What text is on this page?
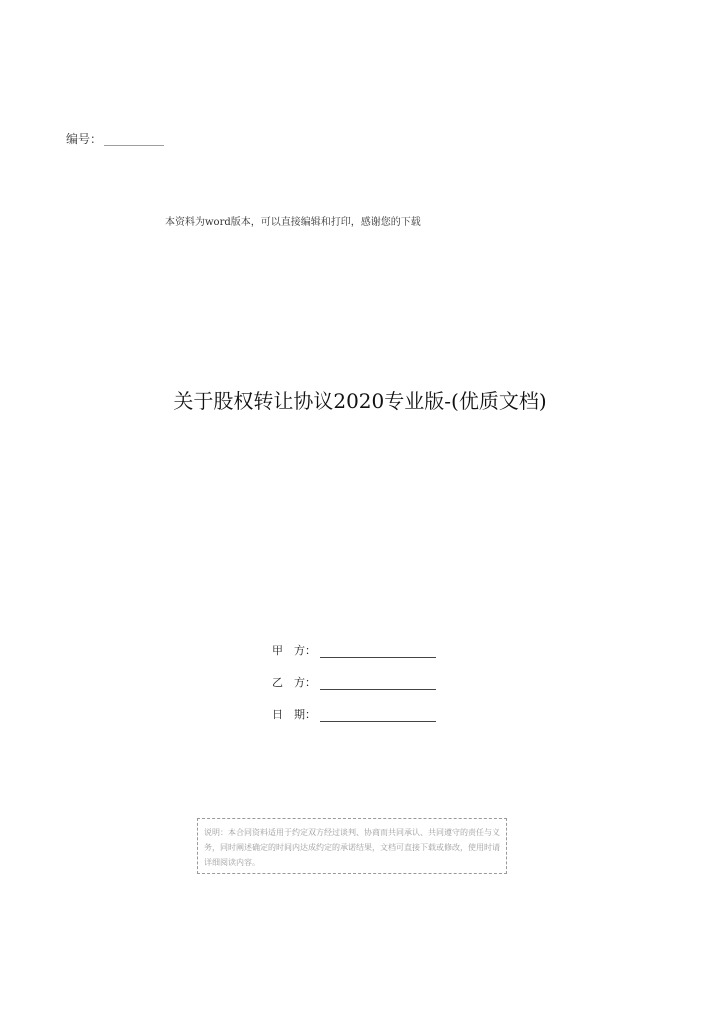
编号： __________
本资料为word版本，可以直接编辑和打印，感谢您的下载
关于股权转让协议2020专业版-(优质文档)
甲 方：
乙 方：
日 期：
说明：本合同资料适用于约定双方经过谈判、协商而共同承认、共同遵守的责任与义务，同时阐述确定的时间内达成约定的承诺结果，文档可直接下载或修改，使用时请详细阅读内容。
